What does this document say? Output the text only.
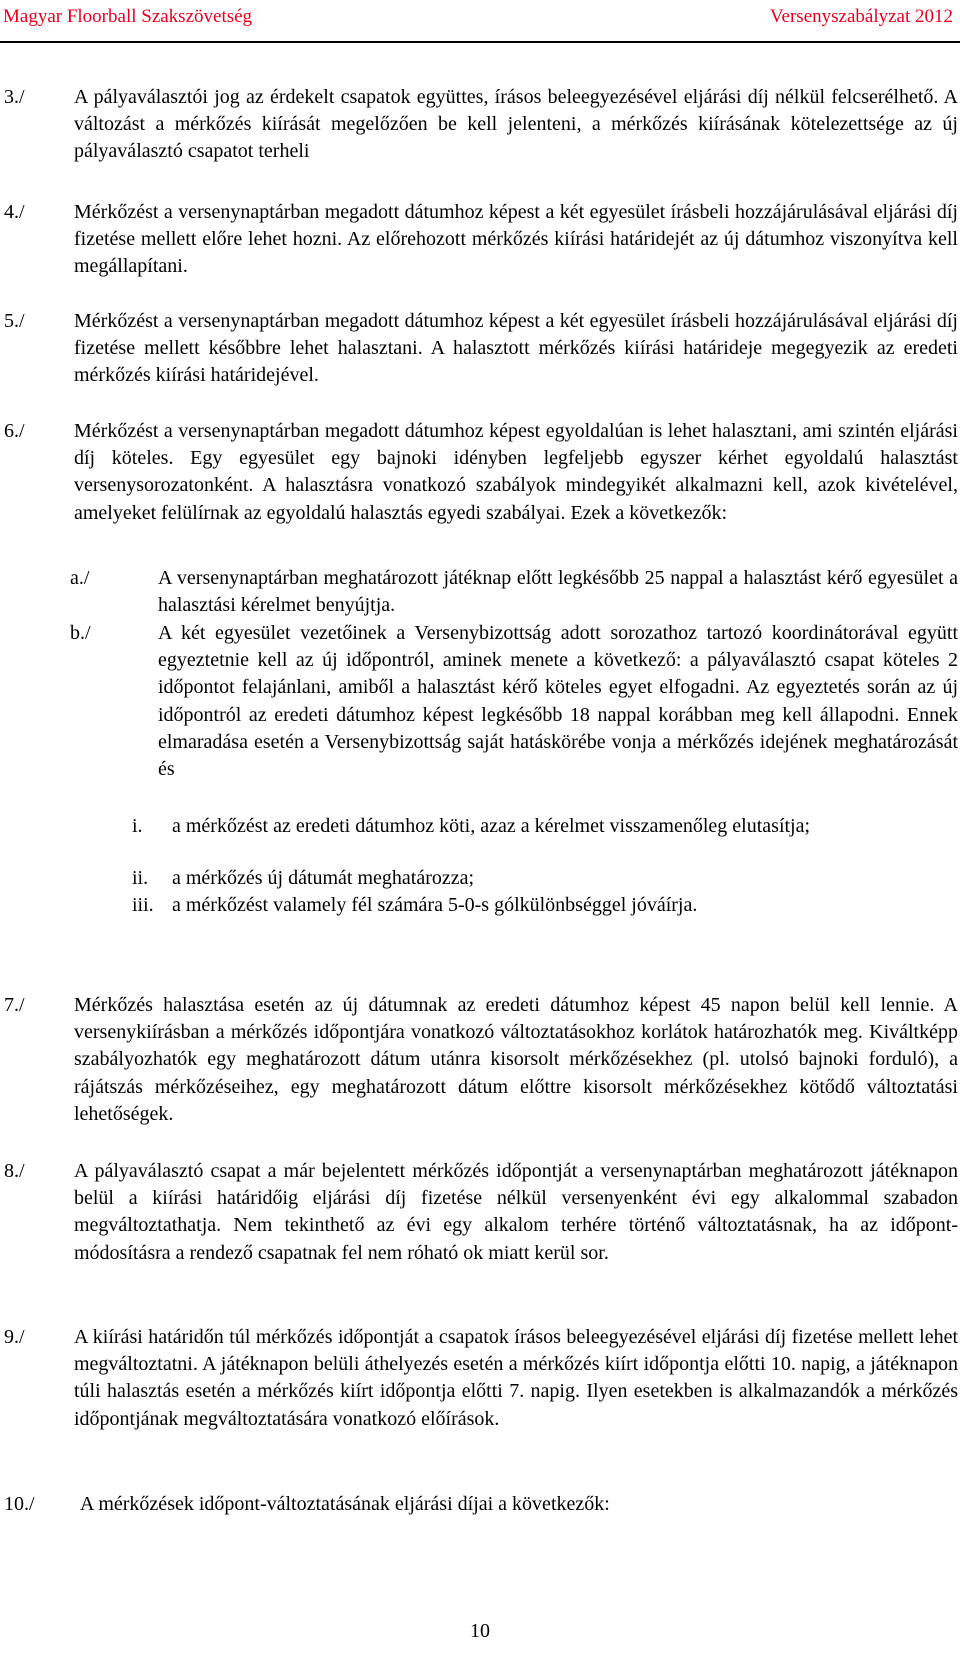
Magyar Floorball Szakszövetség	Versenyszabályzat 2012
3./ A pályaválasztói jog az érdekelt csapatok együttes, írásos beleegyezésével eljárási díj nélkül felcserélhető. A változást a mérkőzés kiírását megelőzően be kell jelenteni, a mérkőzés kiírásának kötelezettsége az új pályaválasztó csapatot terheli
4./ Mérkőzést a versenynaptárban megadott dátumhoz képest a két egyesület írásbeli hozzájárulásával eljárási díj fizetése mellett előre lehet hozni. Az előrehozott mérkőzés kiírási határidejét az új dátumhoz viszonyítva kell megállapítani.
5./ Mérkőzést a versenynaptárban megadott dátumhoz képest a két egyesület írásbeli hozzájárulásával eljárási díj fizetése mellett későbbre lehet halasztani. A halasztott mérkőzés kiírási határideje megegyezik az eredeti mérkőzés kiírási határidejével.
6./ Mérkőzést a versenynaptárban megadott dátumhoz képest egyoldalúan is lehet halasztani, ami szintén eljárási díj köteles. Egy egyesület egy bajnoki idényben legfeljebb egyszer kérhet egyoldalú halasztást versenysorozatonként. A halasztásra vonatkozó szabályok mindegyikét alkalmazni kell, azok kivételével, amelyeket felülírnak az egyoldalú halasztás egyedi szabályai. Ezek a következők:
a./	A versenynaptárban meghatározott játéknap előtt legkésőbb 25 nappal a halasztást kérő egyesület a halasztási kérelmet benyújtja.
b./	A két egyesület vezetőinek a Versenybizottság adott sorozathoz tartozó koordinátorával együtt egyeztetnie kell az új időpontról, aminek menete a következő: a pályaválasztó csapat köteles 2 időpontot felajánlani, amiből a halasztást kérő köteles egyet elfogadni. Az egyeztetés során az új időpontról az eredeti dátumhoz képest legkésőbb 18 nappal korábban meg kell állapodni. Ennek elmaradása esetén a Versenybizottság saját hatáskörébe vonja a mérkőzés idejének meghatározását és
i. a mérkőzést az eredeti dátumhoz köti, azaz a kérelmet visszamenőleg elutasítja;
ii. a mérkőzés új dátumát meghatározza;
iii. a mérkőzést valamely fél számára 5-0-s gólkülönbséggel jóváírja.
7./ Mérkőzés halasztása esetén az új dátumnak az eredeti dátumhoz képest 45 napon belül kell lennie. A versenykiírásban a mérkőzés időpontjára vonatkozó változtatásokhoz korlátok határozhatók meg. Kiváltképp szabályozhatók egy meghatározott dátum utánra kisorsolt mérkőzésekhez (pl. utolsó bajnoki forduló), a rájátszás mérkőzéseihez, egy meghatározott dátum előttre kisorsolt mérkőzésekhez kötődő változtatási lehetőségek.
8./ A pályaválasztó csapat a már bejelentett mérkőzés időpontját a versenynaptárban meghatározott játéknapon belül a kiírási határidőig eljárási díj fizetése nélkül versenyenként évi egy alkalommal szabadon megváltoztathatja. Nem tekinthető az évi egy alkalom terhére történő változtatásnak, ha az időpont-módosításra a rendező csapatnak fel nem róható ok miatt kerül sor.
9./ A kiírási határidőn túl mérkőzés időpontját a csapatok írásos beleegyezésével eljárási díj fizetése mellett lehet megváltoztatni. A játéknapon belüli áthelyezés esetén a mérkőzés kiírt időpontja előtti 10. napig, a játéknapon túli halasztás esetén a mérkőzés kiírt időpontja előtti 7. napig. Ilyen esetekben is alkalmazandók a mérkőzés időpontjának megváltoztatására vonatkozó előírások.
10./ A mérkőzések időpont-változtatásának eljárási díjai a következők:
10
